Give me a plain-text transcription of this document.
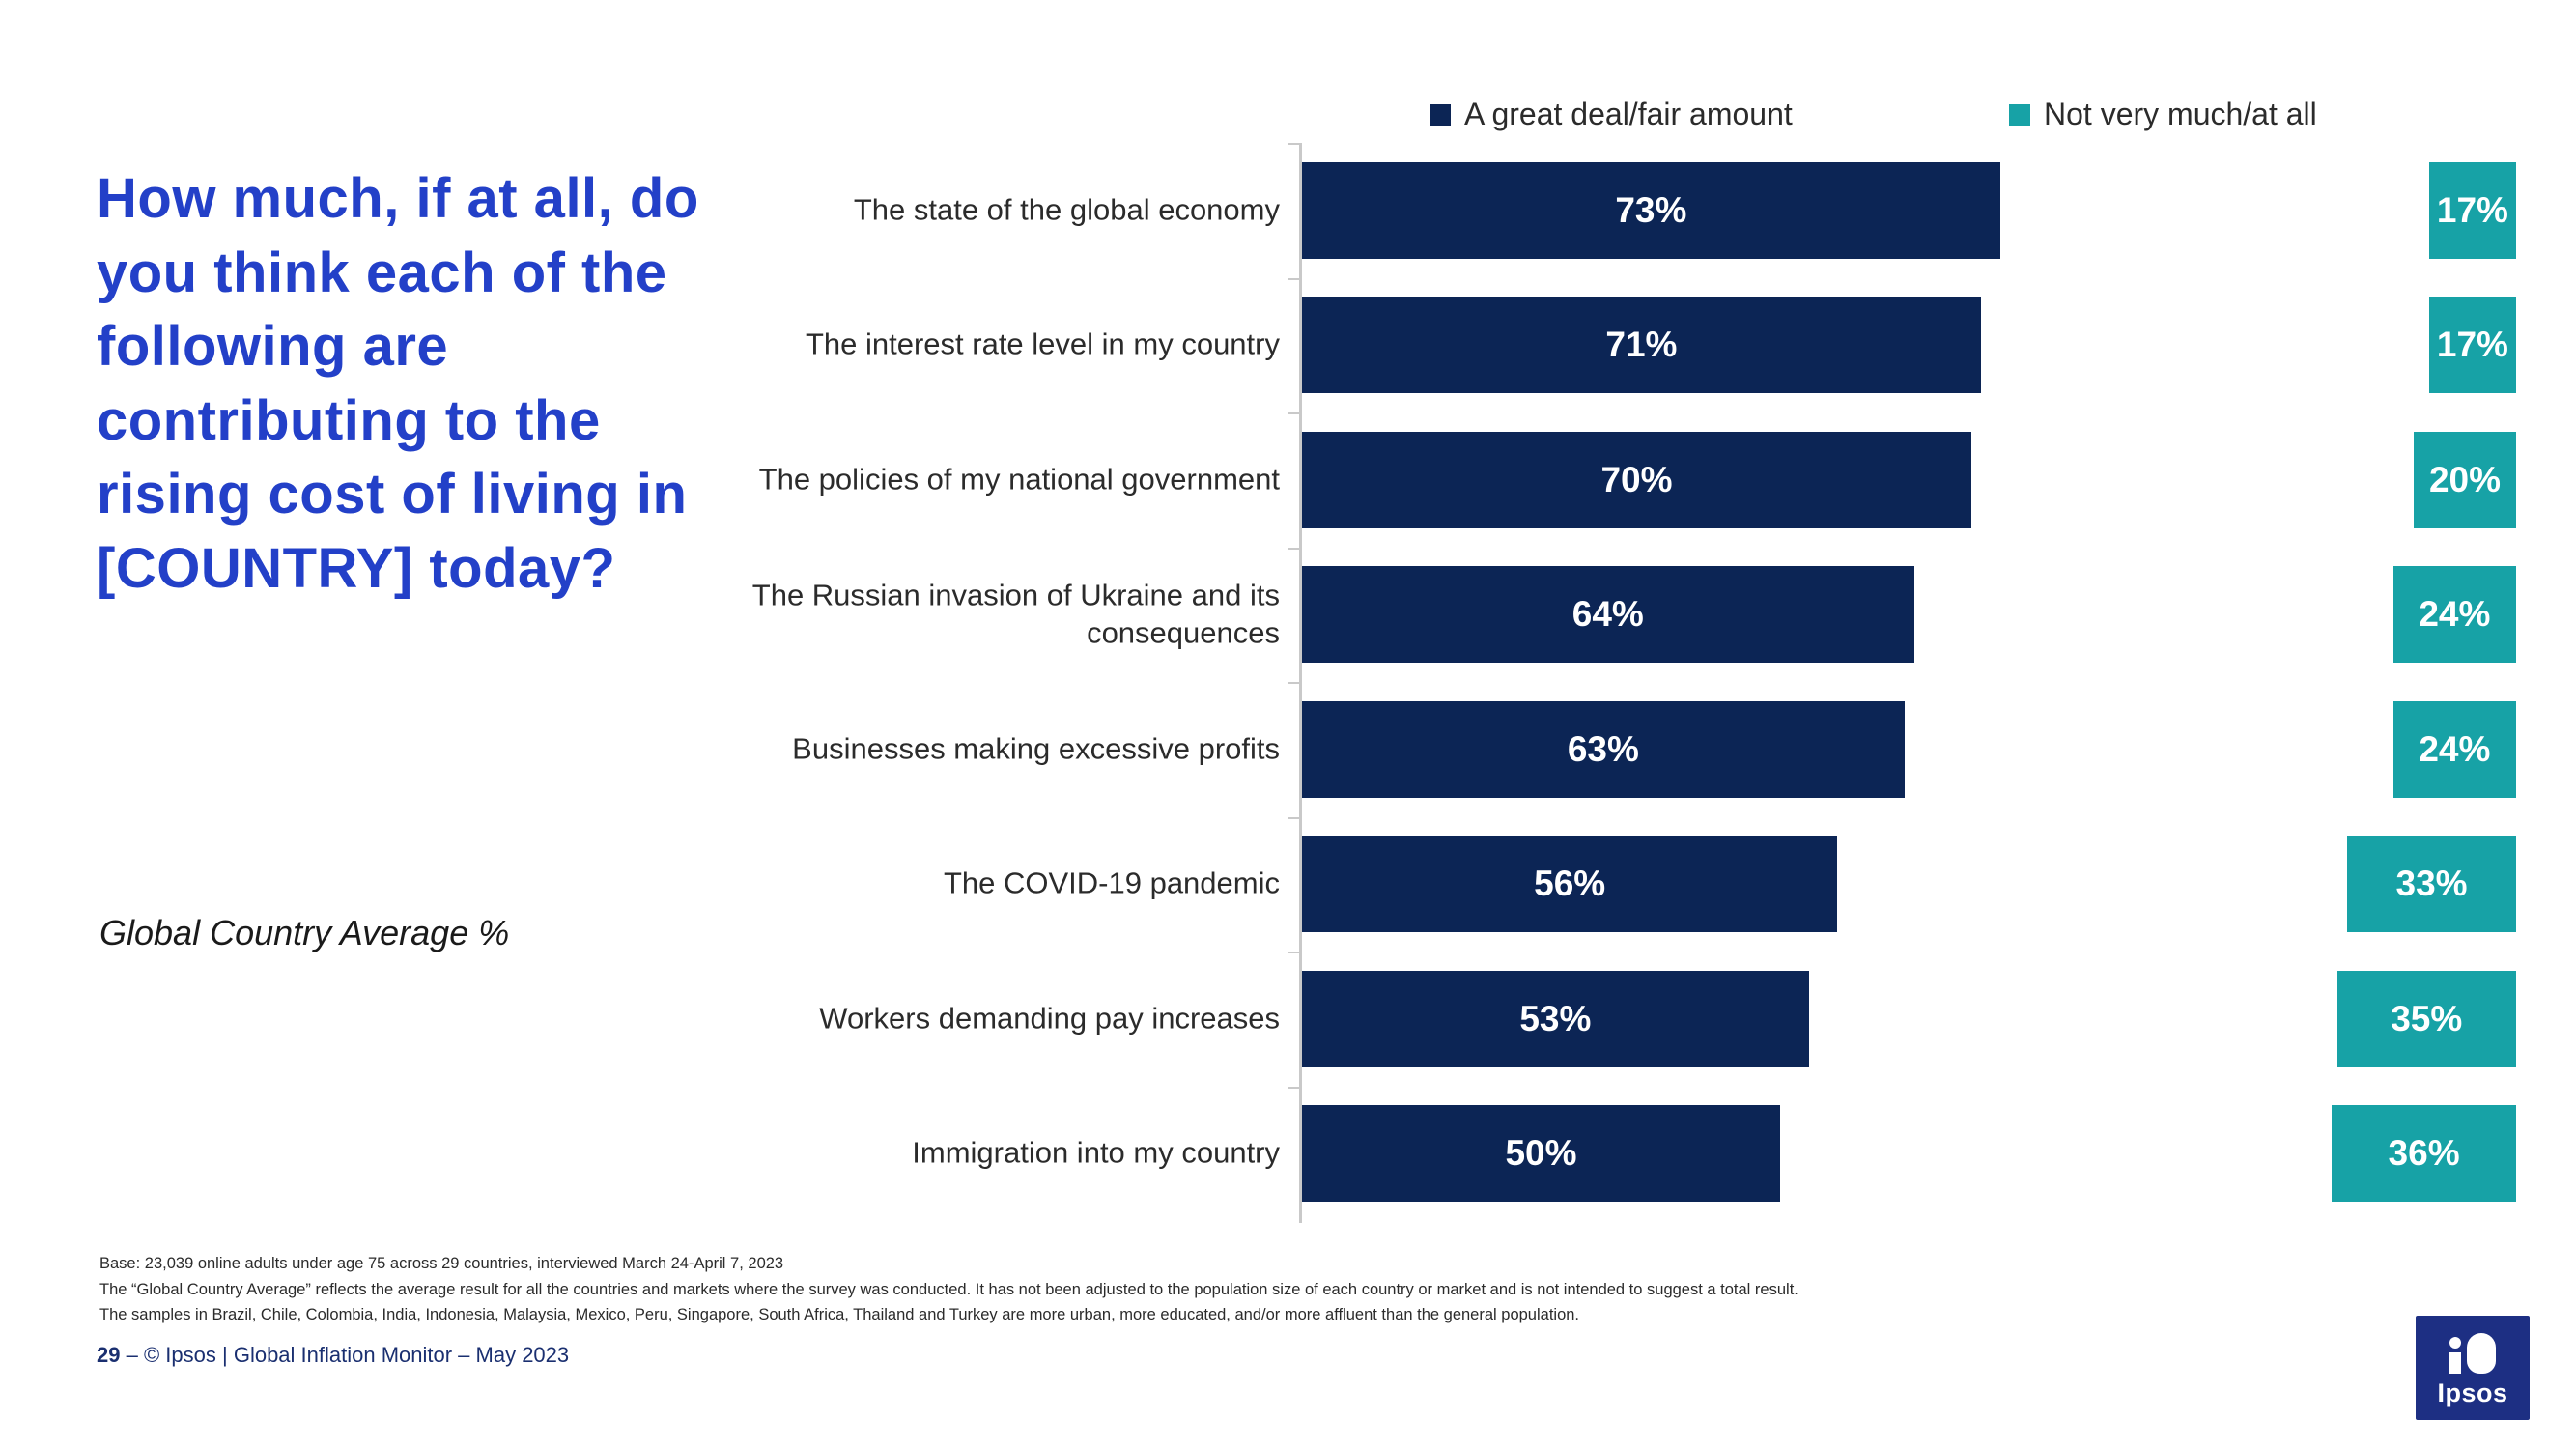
How much, if at all, do you think each of the following are contributing to the rising cost of living in [COUNTRY] today?
Global Country Average %
A great deal/fair amount	Not very much/at all
The state of the global economy	73%	17%
The interest rate level in my country	71%	17%
The policies of my national government	70%	20%
The Russian invasion of Ukraine and its consequences	64%	24%
Businesses making excessive profits	63%	24%
The COVID-19 pandemic	56%	33%
Workers demanding pay increases	53%	35%
Immigration into my country	50%	36%
Base: 23,039 online adults under age 75 across 29 countries, interviewed March 24-April 7, 2023
The “Global Country Average” reflects the average result for all the countries and markets where the survey was conducted. It has not been adjusted to the population size of each country or market and is not intended to suggest a total result.
The samples in Brazil, Chile, Colombia, India, Indonesia, Malaysia, Mexico, Peru, Singapore, South Africa, Thailand and Turkey are more urban, more educated, and/or more affluent than the general population.
29 – © Ipsos | Global Inflation Monitor – May 2023
Ipsos
